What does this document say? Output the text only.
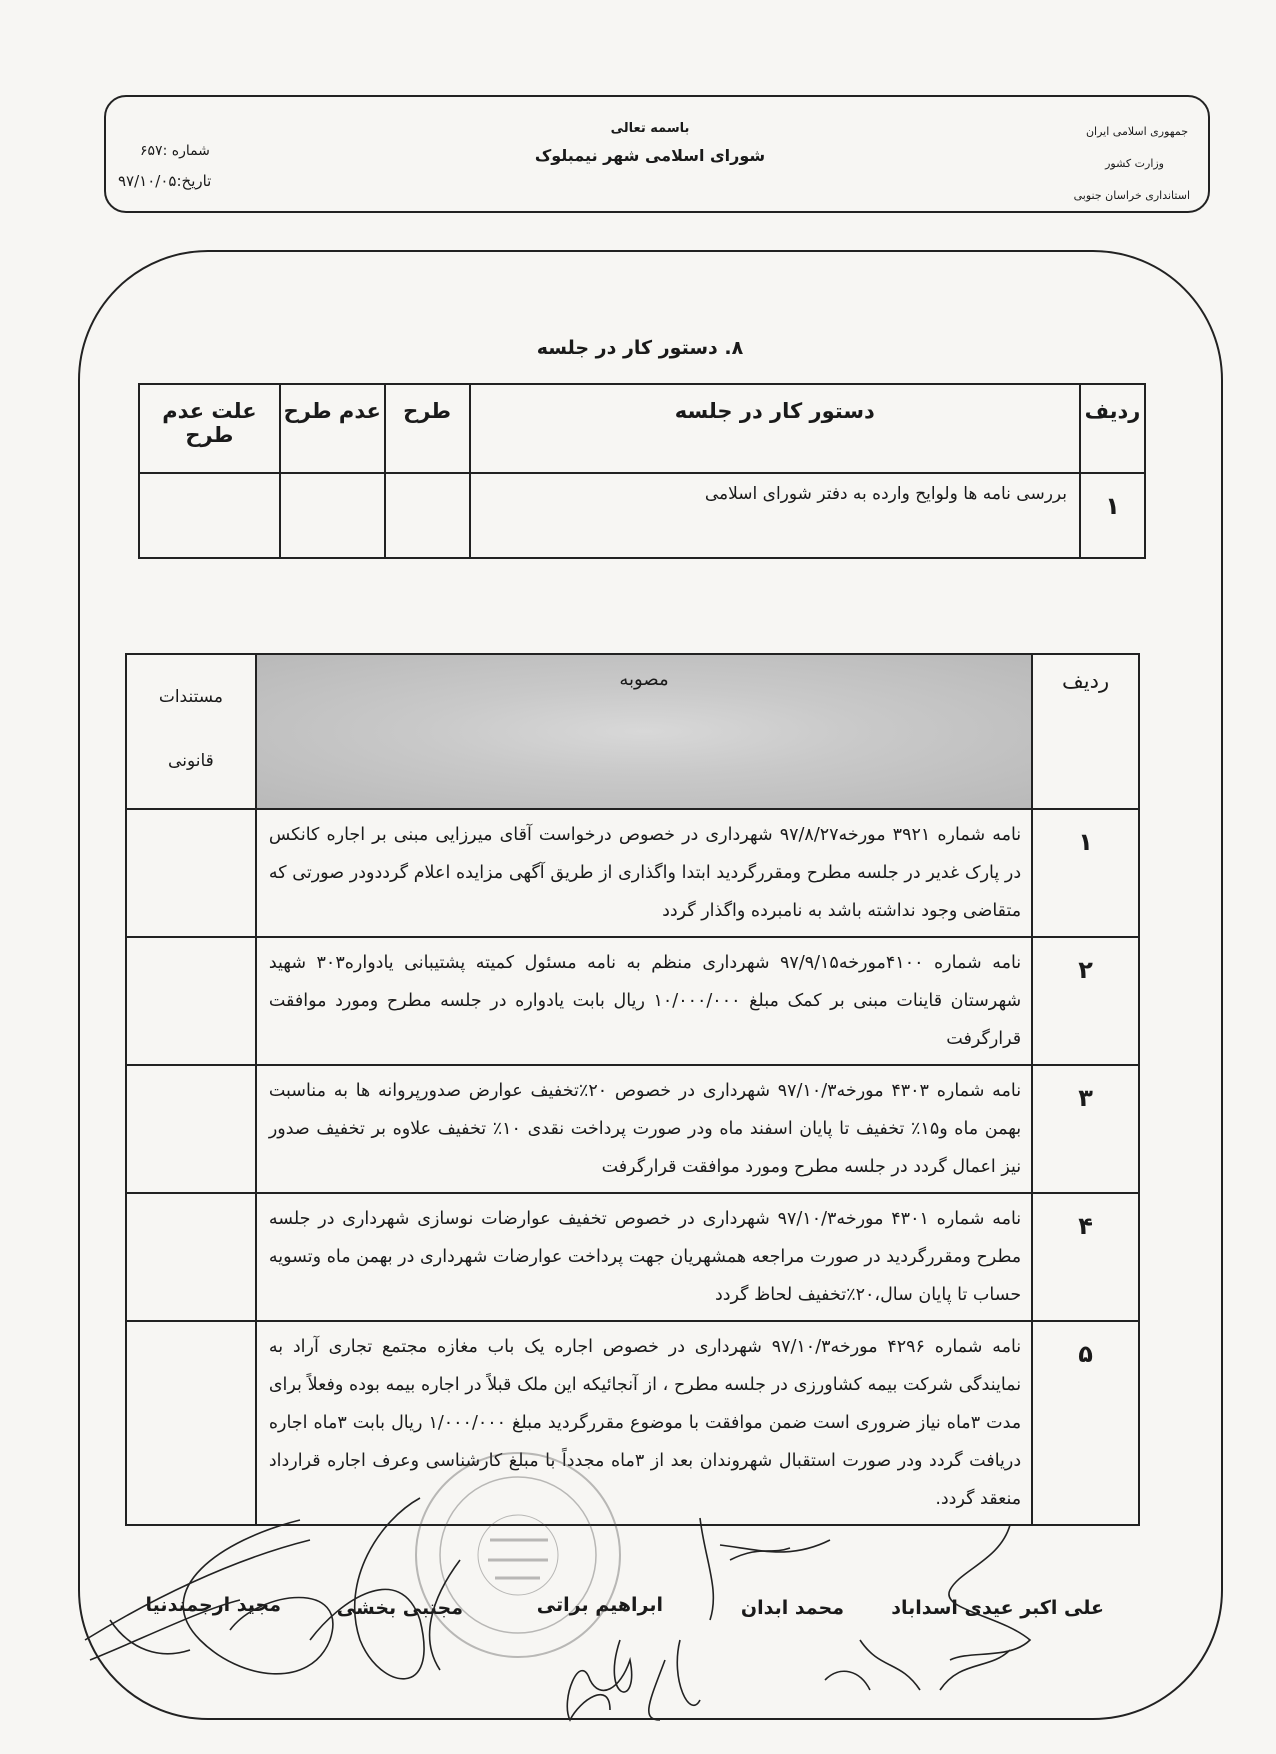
جمهوری اسلامی ایران
وزارت کشور
استانداری خراسان جنوبی
باسمه تعالی
شورای اسلامی شهر نیمبلوک
شماره :۶۵۷
تاریخ:۹۷/۱۰/۰۵
۸. دستور کار در جلسه
ردیف	دستور کار در جلسه	طرح	عدم طرح	علت عدم طرح
۱	بررسی نامه ها ولوایح وارده به دفتر شورای اسلامی			
ردیف	مصوبه	مستندات
قانونی

۱	نامه شماره ۳۹۲۱ مورخه۹۷/۸/۲۷ شهرداری در خصوص درخواست آقای میرزایی مبنی بر اجاره کانکس در پارک غدیر در جلسه مطرح ومقررگردید ابتدا واگذاری از طریق آگهی مزایده اعلام گرددودر صورتی که متقاضی وجود نداشته باشد به نامبرده واگذار گردد	
۲	نامه شماره ۴۱۰۰مورخه۹۷/۹/۱۵ شهرداری منظم به نامه مسئول کمیته پشتیبانی یادواره۳۰۳ شهید شهرستان قاینات مبنی بر کمک مبلغ ۱۰/۰۰۰/۰۰۰ ریال بابت یادواره در جلسه مطرح ومورد موافقت قرارگرفت	
۳	نامه شماره ۴۳۰۳ مورخه۹۷/۱۰/۳ شهرداری در خصوص ۲۰٪تخفیف عوارض صدورپروانه ها به مناسبت بهمن ماه و۱۵٪ تخفیف تا پایان اسفند ماه ودر صورت پرداخت نقدی ۱۰٪ تخفیف علاوه بر تخفیف صدور نیز اعمال گردد در جلسه مطرح ومورد موافقت قرارگرفت	
۴	نامه شماره ۴۳۰۱ مورخه۹۷/۱۰/۳ شهرداری در خصوص تخفیف عوارضات نوسازی شهرداری در جلسه مطرح ومقررگردید در صورت مراجعه همشهریان جهت پرداخت عوارضات شهرداری در بهمن ماه وتسویه حساب تا پایان سال،۲۰٪تخفیف لحاظ گردد	
۵	نامه شماره ۴۲۹۶ مورخه۹۷/۱۰/۳ شهرداری در خصوص اجاره یک باب مغازه مجتمع تجاری آراد به نمایندگی شرکت بیمه کشاورزی در جلسه مطرح ، از آنجائیکه این ملک قبلاً در اجاره بیمه بوده وفعلاً برای مدت ۳ماه نیاز ضروری است ضمن موافقت با موضوع مقررگردید مبلغ ۱/۰۰۰/۰۰۰ ریال بابت ۳ماه اجاره دریافت گردد ودر صورت استقبال شهروندان بعد از ۳ماه مجدداً با مبلغ کارشناسی وعرف اجاره قرارداد منعقد گردد.	
علی اکبر عیدی اسداباد
محمد ابدان
ابراهیم براتی
مجتبی بخشی
مجید ارجمندنیا
